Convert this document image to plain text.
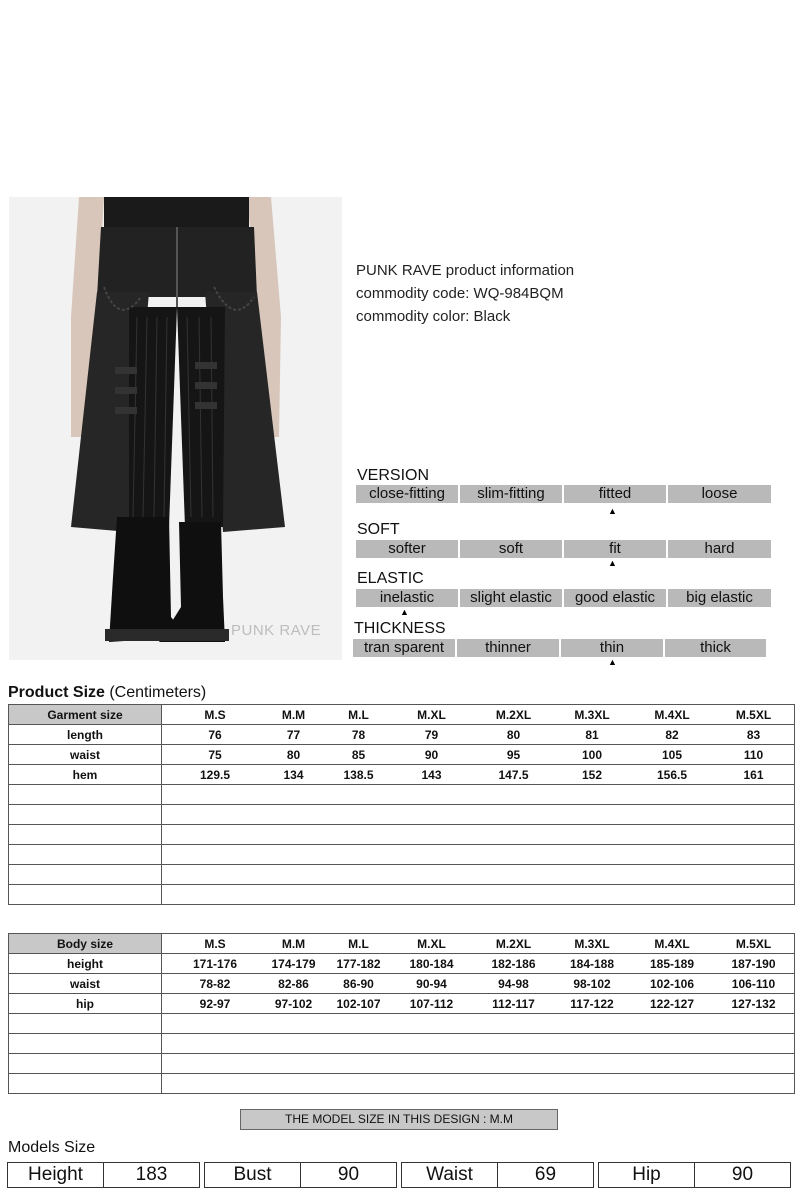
PUNK RAVE
PUNK RAVE product information
commodity code: WQ-984BQM
commodity color: Black
VERSION
close-fitting	slim-fitting	fitted	loose
▲
SOFT
softer	soft	fit	hard
▲
ELASTIC
inelastic	slight elastic	good elastic	big elastic
▲
THICKNESS
tran sparent	thinner	thin	thick
▲
Product Size (Centimeters)
Garment size		M.S	M.M	M.L	M.XL	M.2XL	M.3XL	M.4XL	M.5XL	
length		76	77	78	79	80	81	82	83	
waist		75	80	85	90	95	100	105	110	
hem		129.5	134	138.5	143	147.5	152	156.5	161	

Body size		M.S	M.M	M.L	M.XL	M.2XL	M.3XL	M.4XL	M.5XL	
height		171-176	174-179	177-182	180-184	182-186	184-188	185-189	187-190	
waist		78-82	82-86	86-90	90-94	94-98	98-102	102-106	106-110	
hip		92-97	97-102	102-107	107-112	112-117	117-122	122-127	127-132	

THE MODEL SIZE IN THIS DESIGN : M.M
Models Size
Height	183	Bust	90	Waist	69	Hip	90
